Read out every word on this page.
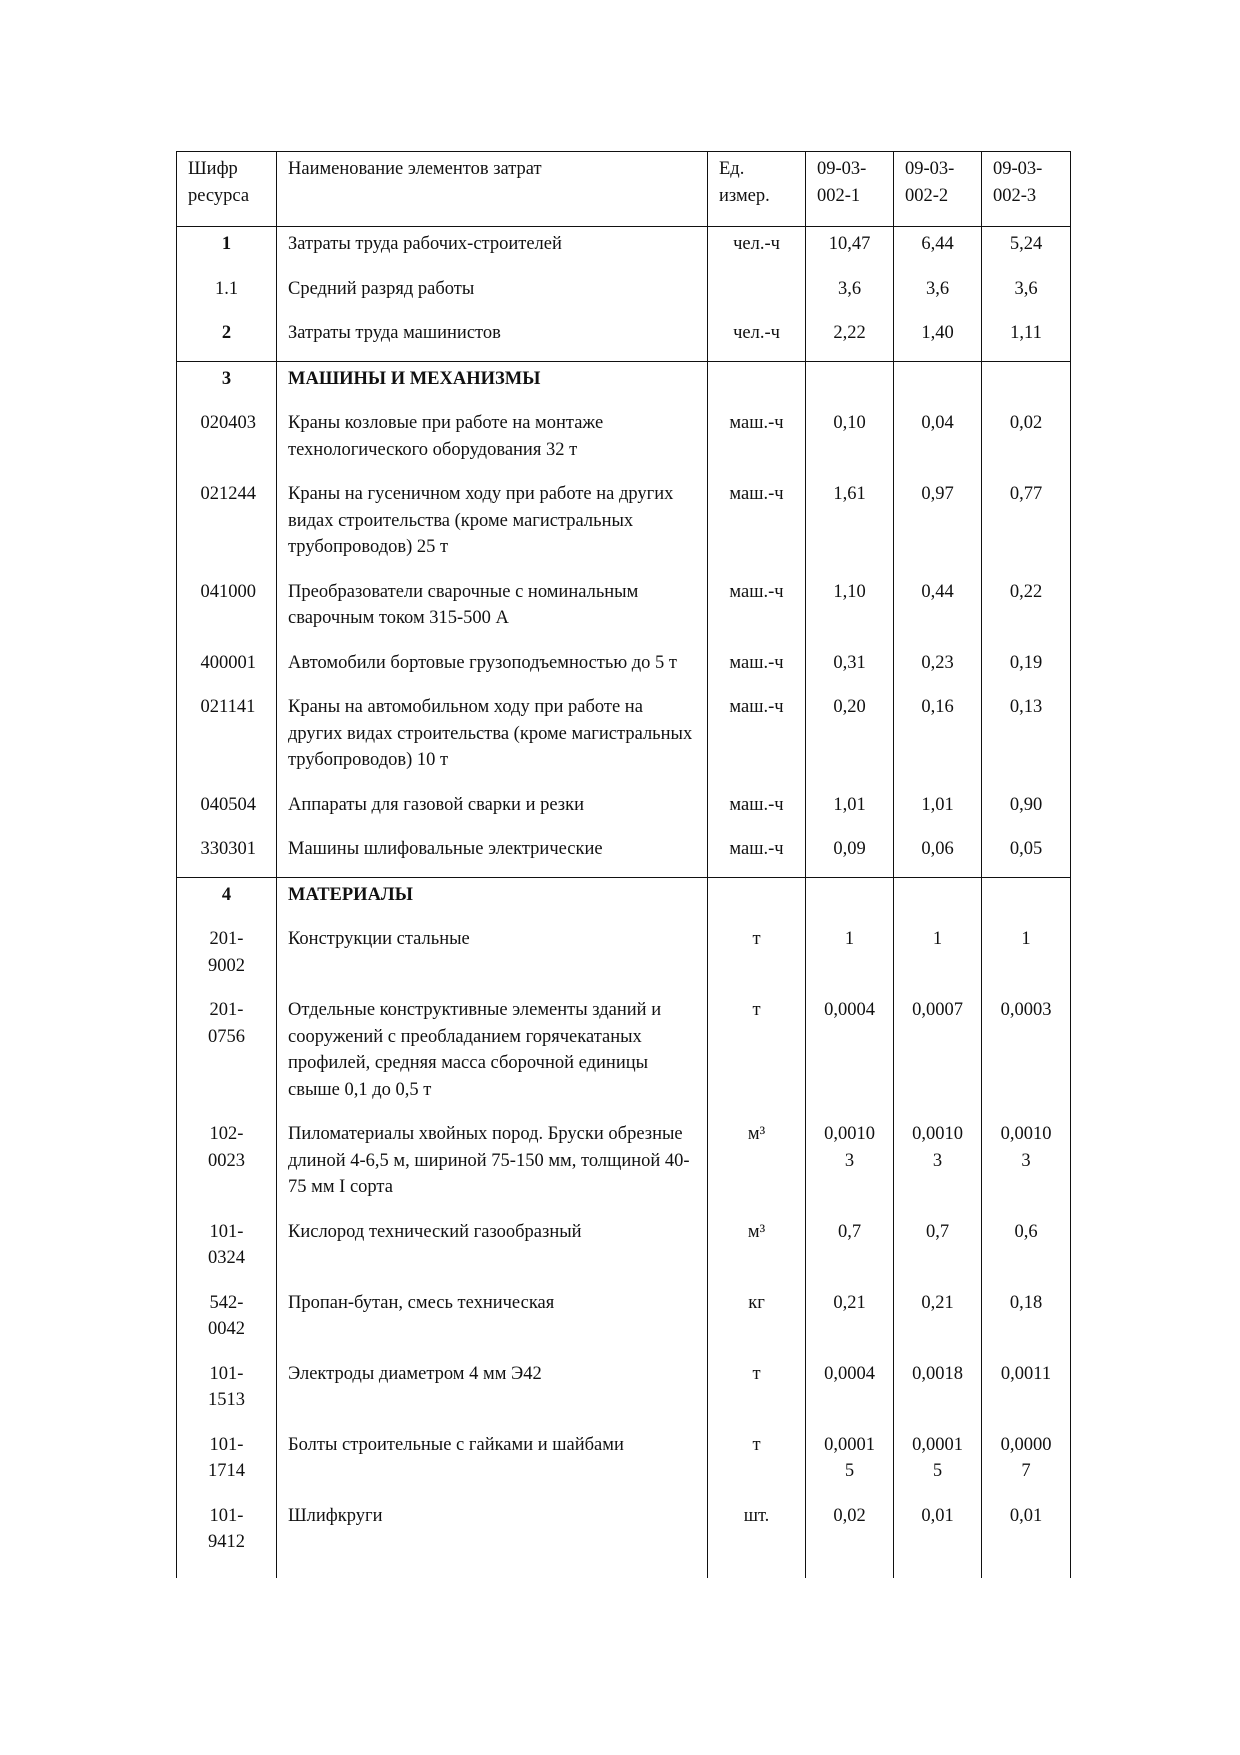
Шифр ресурса	Наименование элементов затрат	Ед. измер.	09-03-002-1	09-03-002-2	09-03-002-3
1	Затраты труда рабочих-строителей	чел.-ч	10,47	6,44	5,24
1.1	Средний разряд работы		3,6	3,6	3,6
2	Затраты труда машинистов	чел.-ч	2,22	1,40	1,11
3	МАШИНЫ И МЕХАНИЗМЫ				
020403	Краны козловые при работе на монтаже технологического оборудования 32 т	маш.-ч	0,10	0,04	0,02
021244	Краны на гусеничном ходу при работе на других видах строительства (кроме магистральных трубопроводов) 25 т	маш.-ч	1,61	0,97	0,77
041000	Преобразователи сварочные с номинальным сварочным током 315-500 А	маш.-ч	1,10	0,44	0,22
400001	Автомобили бортовые грузоподъемностью до 5 т	маш.-ч	0,31	0,23	0,19
021141	Краны на автомобильном ходу при работе на других видах строительства (кроме магистральных трубопроводов) 10 т	маш.-ч	0,20	0,16	0,13
040504	Аппараты для газовой сварки и резки	маш.-ч	1,01	1,01	0,90
330301	Машины шлифовальные электрические	маш.-ч	0,09	0,06	0,05
4	МАТЕРИАЛЫ				
201-9002	Конструкции стальные	т	1	1	1
201-0756	Отдельные конструктивные элементы зданий и сооружений с преобладанием горячекатаных профилей, средняя масса сборочной единицы свыше 0,1 до 0,5 т	т	0,0004	0,0007	0,0003
102-0023	Пиломатериалы хвойных пород. Бруски обрезные длиной 4-6,5 м, шириной 75-150 мм, толщиной 40-75 мм I сорта	м³	0,00103	0,00103	0,00103
101-0324	Кислород технический газообразный	м³	0,7	0,7	0,6
542-0042	Пропан-бутан, смесь техническая	кг	0,21	0,21	0,18
101-1513	Электроды диаметром 4 мм Э42	т	0,0004	0,0018	0,0011
101-1714	Болты строительные с гайками и шайбами	т	0,00015	0,00015	0,00007
101-9412	Шлифкруги	шт.	0,02	0,01	0,01
